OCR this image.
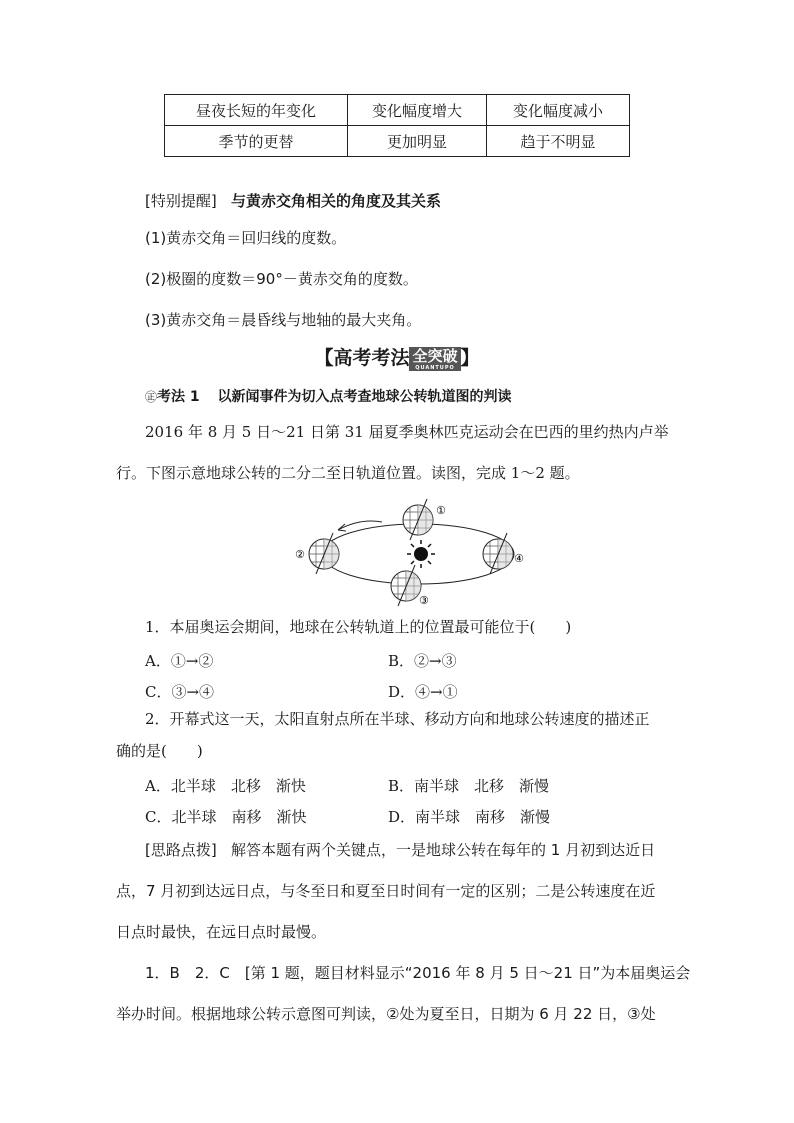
昼夜长短的年变化	变化幅度增大	变化幅度减小
季节的更替	更加明显	趋于不明显
[特别提醒] 与黄赤交角相关的角度及其关系
(1)黄赤交角＝回归线的度数。
(2)极圈的度数＝90°－黄赤交角的度数。
(3)黄赤交角＝晨昏线与地轴的最大夹角。
【高考考法 全突破
QUANTUPO 】
㊣考法 1 以新闻事件为切入点考查地球公转轨道图的判读
2016 年 8 月 5 日～21 日第 31 届夏季奥林匹克运动会在巴西的里约热内卢举
行。下图示意地球公转的二分二至日轨道位置。读图，完成 1～2 题。
①
②
③
④
1．本届奥运会期间，地球在公转轨道上的位置最可能位于(　　)
A．①→②	B．②→③
C．③→④	D．④→①
2．开幕式这一天，太阳直射点所在半球、移动方向和地球公转速度的描述正
确的是(　　)
A．北半球　北移　渐快	B．南半球　北移　渐慢
C．北半球　南移　渐快	D．南半球　南移　渐慢
[思路点拨] 解答本题有两个关键点，一是地球公转在每年的 1 月初到达近日
点，7 月初到达远日点，与冬至日和夏至日时间有一定的区别；二是公转速度在近
日点时最快，在远日点时最慢。
1．B　2．C　[第 1 题，题目材料显示“2016 年 8 月 5 日～21 日”为本届奥运会
举办时间。根据地球公转示意图可判读，②处为夏至日，日期为 6 月 22 日，③处
